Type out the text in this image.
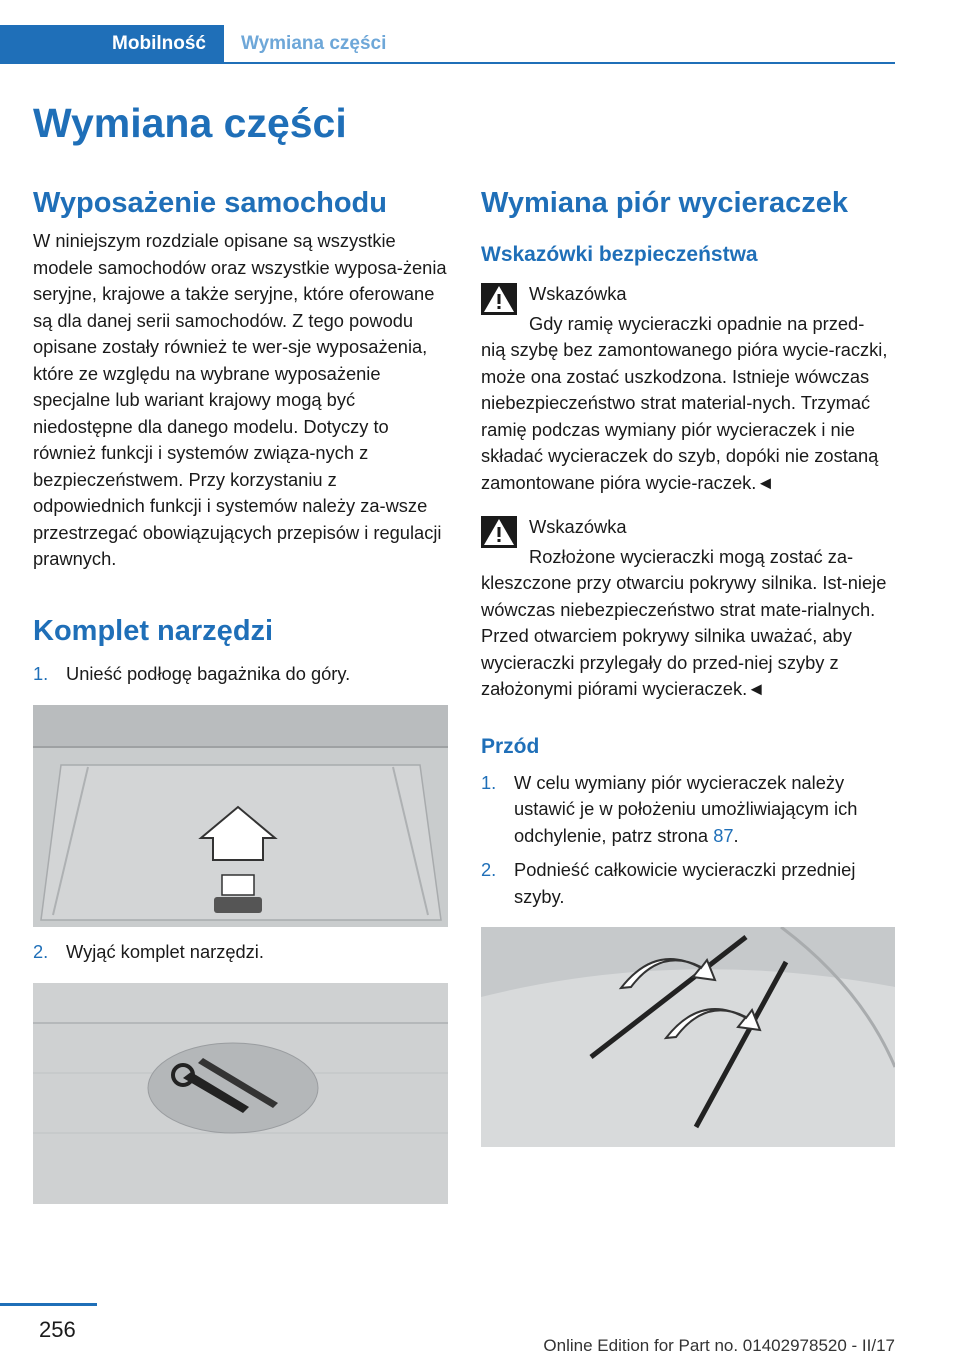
Mobilność	Wymiana części
Wymiana części
Wyposażenie samochodu

W niniejszym rozdziale opisane są wszystkie modele samochodów oraz wszystkie wyposa‑żenia seryjne, krajowe a także seryjne, które oferowane są dla danej serii samochodów. Z tego powodu opisane zostały również te wer‑sje wyposażenia, które ze względu na wybrane wyposażenie specjalne lub wariant krajowy mogą być niedostępne dla danego modelu. Dotyczy to również funkcji i systemów związa‑nych z bezpieczeństwem. Przy korzystaniu z odpowiednich funkcji i systemów należy za‑wsze przestrzegać obowiązujących przepisów i regulacji prawnych.

Komplet narzędzi
1. Unieść podłogę bagażnika do góry.
2. Wyjąć komplet narzędzi.
Wymiana piór wycieraczek
Wskazówki bezpieczeństwa

Wskazówka

Gdy ramię wycieraczki opadnie na przed‑

nią szybę bez zamontowanego pióra wycie‑raczki, może ona zostać uszkodzona. Istnieje wówczas niebezpieczeństwo strat material‑nych. Trzymać ramię podczas wymiany piór wycieraczek i nie składać wycieraczek do szyb, dopóki nie zostaną zamontowane pióra wycie‑raczek.◄

Wskazówka

Rozłożone wycieraczki mogą zostać za‑

kleszczone przy otwarciu pokrywy silnika. Ist‑nieje wówczas niebezpieczeństwo strat mate‑rialnych. Przed otwarciem pokrywy silnika uważać, aby wycieraczki przylegały do przed‑niej szyby z założonymi piórami wycieraczek.◄

Przód
1. W celu wymiany piór wycieraczek należy ustawić je w położeniu umożliwiającym ich odchylenie, patrz strona 87.
2. Podnieść całkowicie wycieraczki przedniej szyby.
256
Online Edition for Part no. 01402978520 - II/17
